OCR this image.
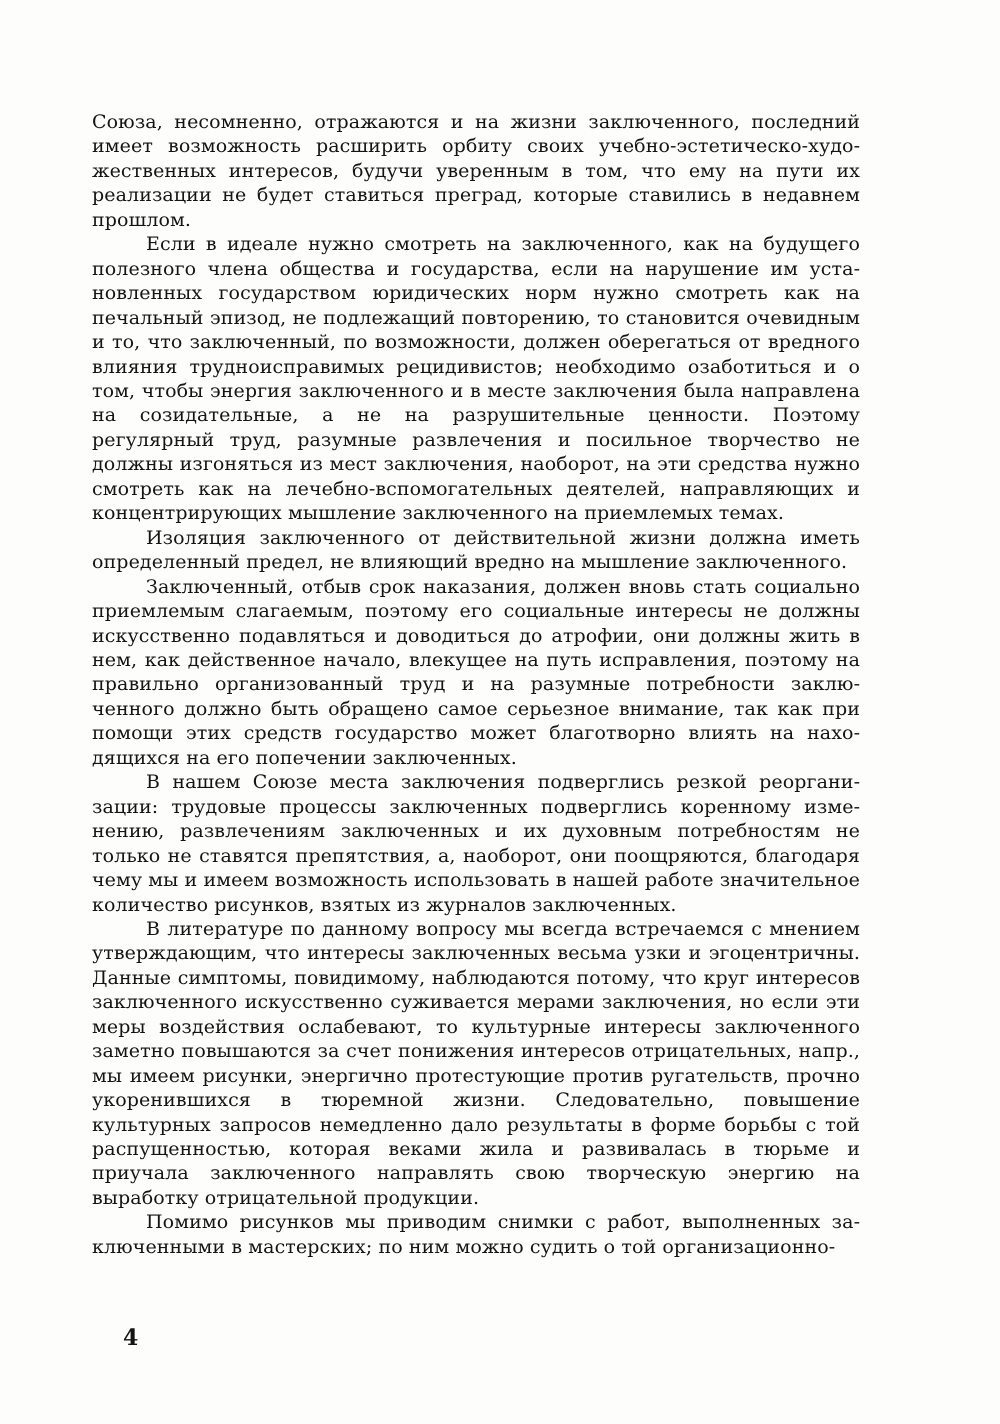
Союза, несомненно, отражаются и на жизни заключенного, последний имеет возможность расширить орбиту своих учебно-эстетическо-художественных интересов, будучи уверенным в том, что ему на пути их реализации не будет ставиться преград, которые ставились в недавнем прошлом.

Если в идеале нужно смотреть на заключенного, как на будущего полезного члена общества и государства, если на нарушение им установленных государством юридических норм нужно смотреть как на печальный эпизод, не подлежащий повторению, то становится очевидным и то, что заключенный, по возможности, должен оберегаться от вредного влияния трудноисправимых рецидивистов; необходимо озаботиться и о том, чтобы энергия заключенного и в месте заключения была направлена на созидательные, а не на разрушительные ценности. Поэтому регулярный труд, разумные развлечения и посильное творчество не должны изгоняться из мест заключения, наоборот, на эти средства нужно смотреть как на лечебно-вспомогательных деятелей, направляющих и концентрирующих мышление заключенного на приемлемых темах.

Изоляция заключенного от действительной жизни должна иметь определенный предел, не влияющий вредно на мышление заключенного.

Заключенный, отбыв срок наказания, должен вновь стать социально приемлемым слагаемым, поэтому его социальные интересы не должны искусственно подавляться и доводиться до атрофии, они должны жить в нем, как действенное начало, влекущее на путь исправления, поэтому на правильно организованный труд и на разумные потребности заключенного должно быть обращено самое серьезное внимание, так как при помощи этих средств государство может благотворно влиять на находящихся на его попечении заключенных.

В нашем Союзе места заключения подверглись резкой реорганизации: трудовые процессы заключенных подверглись коренному изменению, развлечениям заключенных и их духовным потребностям не только не ставятся препятствия, а, наоборот, они поощряются, благодаря чему мы и имеем возможность использовать в нашей работе значительное количество рисунков, взятых из журналов заключенных.

В литературе по данному вопросу мы всегда встречаемся с мнением утверждающим, что интересы заключенных весьма узки и эгоцентричны. Данные симптомы, повидимому, наблюдаются потому, что круг интересов заключенного искусственно суживается мерами заключения, но если эти меры воздействия ослабевают, то культурные интересы заключенного заметно повышаются за счет понижения интересов отрицательных, напр., мы имеем рисунки, энергично протестующие против ругательств, прочно укоренившихся в тюремной жизни. Следовательно, повышение культурных запросов немедленно дало результаты в форме борьбы с той распущенностью, которая веками жила и развивалась в тюрьме и приучала заключенного направлять свою творческую энергию на выработку отрицательной продукции.

Помимо рисунков мы приводим снимки с работ, выполненных заключенными в мастерских; по ним можно судить о той организационно-

4
